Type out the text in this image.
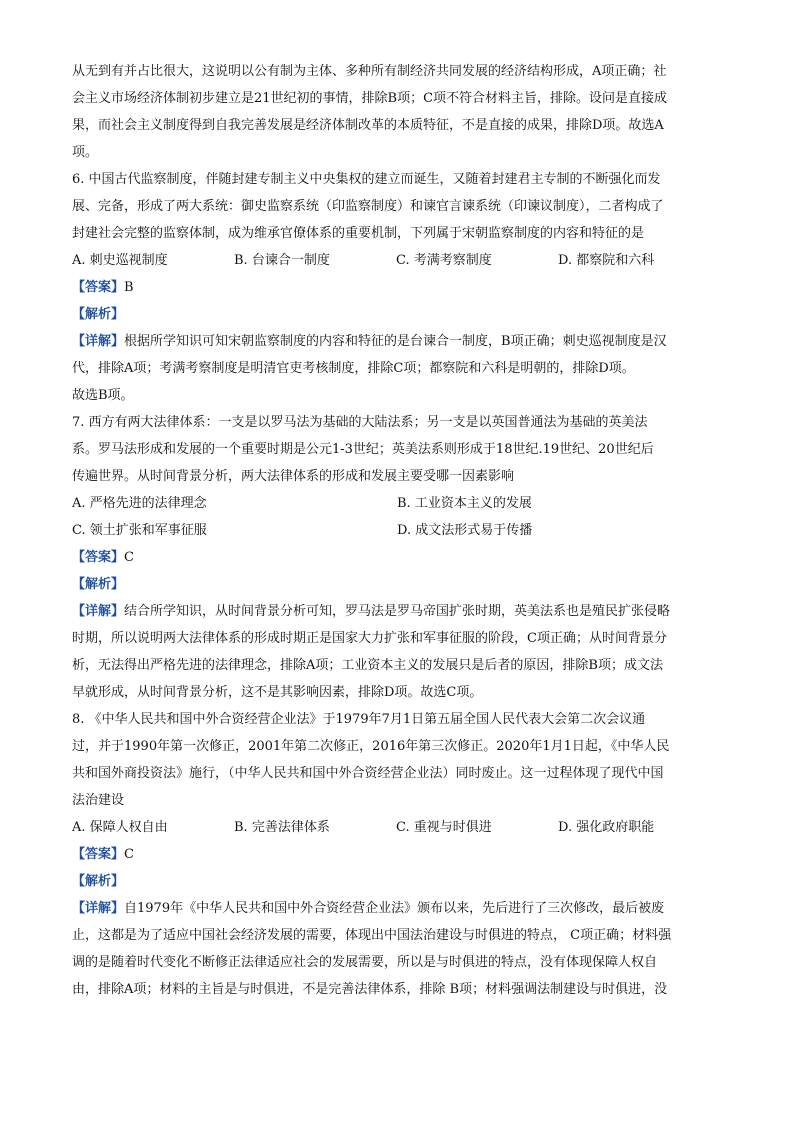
从无到有并占比很大，这说明以公有制为主体、多种所有制经济共同发展的经济结构形成，A项正确；社
会主义市场经济体制初步建立是21世纪初的事情，排除B项；C项不符合材料主旨，排除。设问是直接成
果，而社会主义制度得到自我完善发展是经济体制改革的本质特征，不是直接的成果，排除D项。故选A
项。
6. 中国古代监察制度，伴随封建专制主义中央集权的建立而诞生，又随着封建君主专制的不断强化而发
展、完备，形成了两大系统：御史监察系统（印监察制度）和谏官言谏系统（印谏议制度），二者构成了
封建社会完整的监察体制，成为维承官僚体系的重要机制，下列属于宋朝监察制度的内容和特征的是
A. 刺史巡视制度	B. 台谏合一制度	C. 考满考察制度	D. 都察院和六科
【答案】B
【解析】
【详解】根据所学知识可知宋朝监察制度的内容和特征的是台谏合一制度，B项正确；刺史巡视制度是汉
代，排除A项；考满考察制度是明清官吏考核制度，排除C项；都察院和六科是明朝的，排除D项。
故选B项。
7. 西方有两大法律体系：一支是以罗马法为基础的大陆法系；另一支是以英国普通法为基础的英美法
系。罗马法形成和发展的一个重要时期是公元1-3世纪；英美法系则形成于18世纪.19世纪、20世纪后
传遍世界。从时间背景分析，两大法律体系的形成和发展主要受哪一因素影响
A. 严格先进的法律理念	B. 工业资本主义的发展
C. 领土扩张和军事征服	D. 成文法形式易于传播
【答案】C
【解析】
【详解】结合所学知识，从时间背景分析可知，罗马法是罗马帝国扩张时期，英美法系也是殖民扩张侵略
时期，所以说明两大法律体系的形成时期正是国家大力扩张和军事征服的阶段，C项正确；从时间背景分
析，无法得出严格先进的法律理念，排除A项；工业资本主义的发展只是后者的原因，排除B项；成文法
早就形成，从时间背景分析，这不是其影响因素，排除D项。故选C项。
8. 《中华人民共和国中外合资经营企业法》于1979年7月1日第五届全国人民代表大会第二次会议通
过，并于1990年第一次修正，2001年第二次修正，2016年第三次修正。2020年1月1日起，《中华人民
共和国外商投资法》施行，（中华人民共和国中外合资经营企业法）同时废止。这一过程体现了现代中国
法治建设
A. 保障人权自由	B. 完善法律体系	C. 重视与时俱进	D. 强化政府职能
【答案】C
【解析】
【详解】自1979年《中华人民共和国中外合资经营企业法》颁布以来，先后进行了三次修改，最后被废
止，这都是为了适应中国社会经济发展的需要，体现出中国法治建设与时俱进的特点， C项正确；材料强
调的是随着时代变化不断修正法律适应社会的发展需要，所以是与时俱进的特点，没有体现保障人权自
由，排除A项；材料的主旨是与时俱进，不是完善法律体系，排除 B项；材料强调法制建设与时俱进，没
